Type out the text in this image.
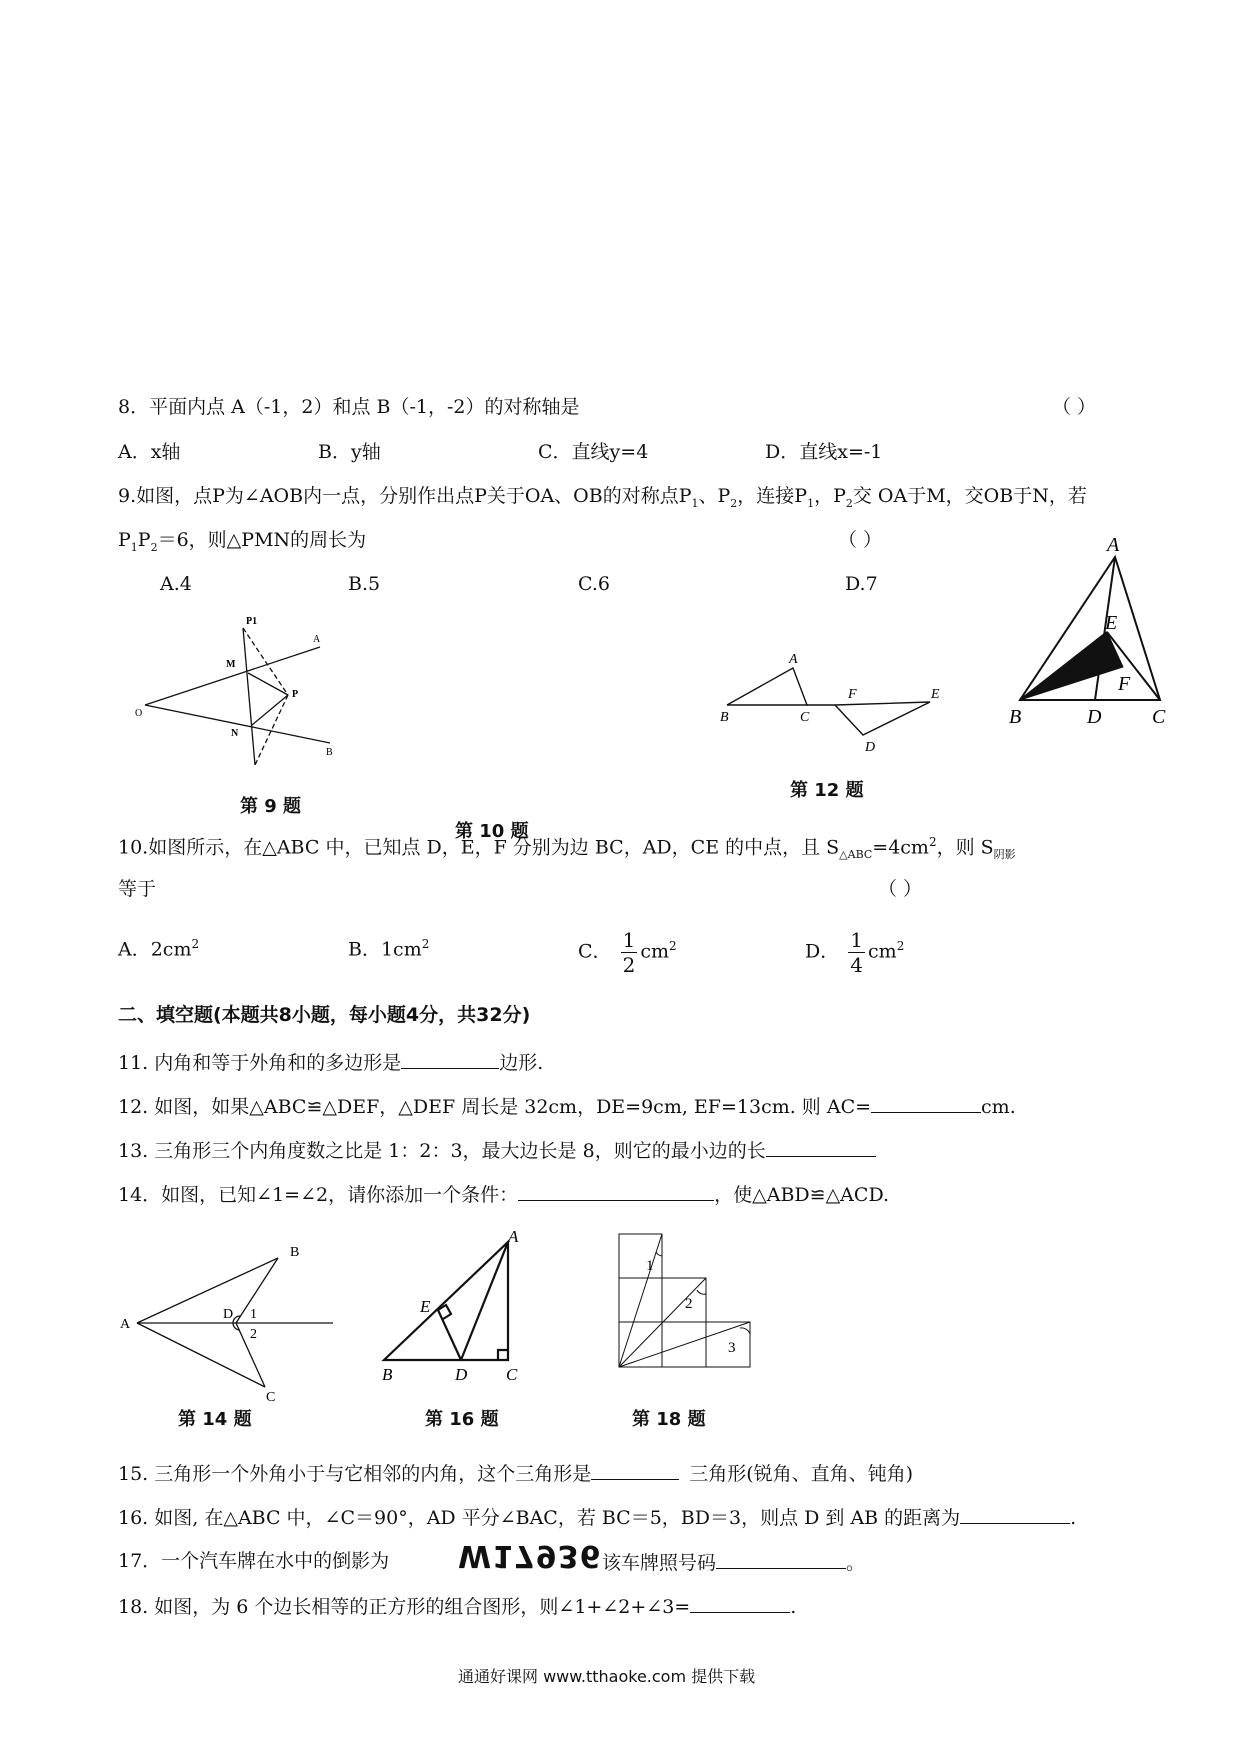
8．平面内点 A（-1，2）和点 B（-1，-2）的对称轴是	（ ）
A．x轴	B．y轴	C．直线y=4	D．直线x=-1
9.如图，点P为∠AOB内一点，分别作出点P关于OA、OB的对称点$P_1$、$P_2$，连接$P_1$，$P_2$交 OA于M，交OB于N，若
$P_1P_2=6$，则△PMN的周长为	（ ）
A.4	B.5	C.6	D.7
P1
A
M
P
O
N
B
第 9 题
A
B	C
F	E
D
第 12 题
A
E
F
B	D	C
第 10 题
10.如图所示，在△ABC 中，已知点 D，E，F 分别为边 BC，AD，CE 的中点，且 $S_{\triangle ABC}=4cm^2$，则 $S_{阴影}$
等于	（ ）
A．$2cm^2$	B．$1cm^2$	C． $\frac{1}{2} cm^2$	D． $\frac{1}{4} cm^2$
二、填空题(本题共8小题，每小题4分，共32分)
11. 内角和等于外角和的多边形是	边形.
12. 如图，如果△ABC≌△DEF，△DEF 周长是 32cm，DE=9cm, EF=13cm. 则 AC=	cm.
13. 三角形三个内角度数之比是 1：2：3，最大边长是 8，则它的最小边的长
14．如图，已知∠1=∠2，请你添加一个条件：	，使△ABD≌△ACD.
B
A
D 1
2
C
第 14 题
A
E
B	D C
第 16 题
1
2
3
第 18 题
15. 三角形一个外角小于与它相邻的内角，这个三角形是	三角形(锐角、直角、钝角)
16. 如图, 在△ABC 中，∠C＝90°，AD 平分∠BAC，若 BC＝5，BD＝3，则点 D 到 AB 的距离为	.
17．一个汽车牌在水中的倒影为 W17936 该车牌照号码	。
18. 如图，为 6 个边长相等的正方形的组合图形，则∠1+∠2+∠3=	.
通通好课网 www.tthaoke.com 提供下载
